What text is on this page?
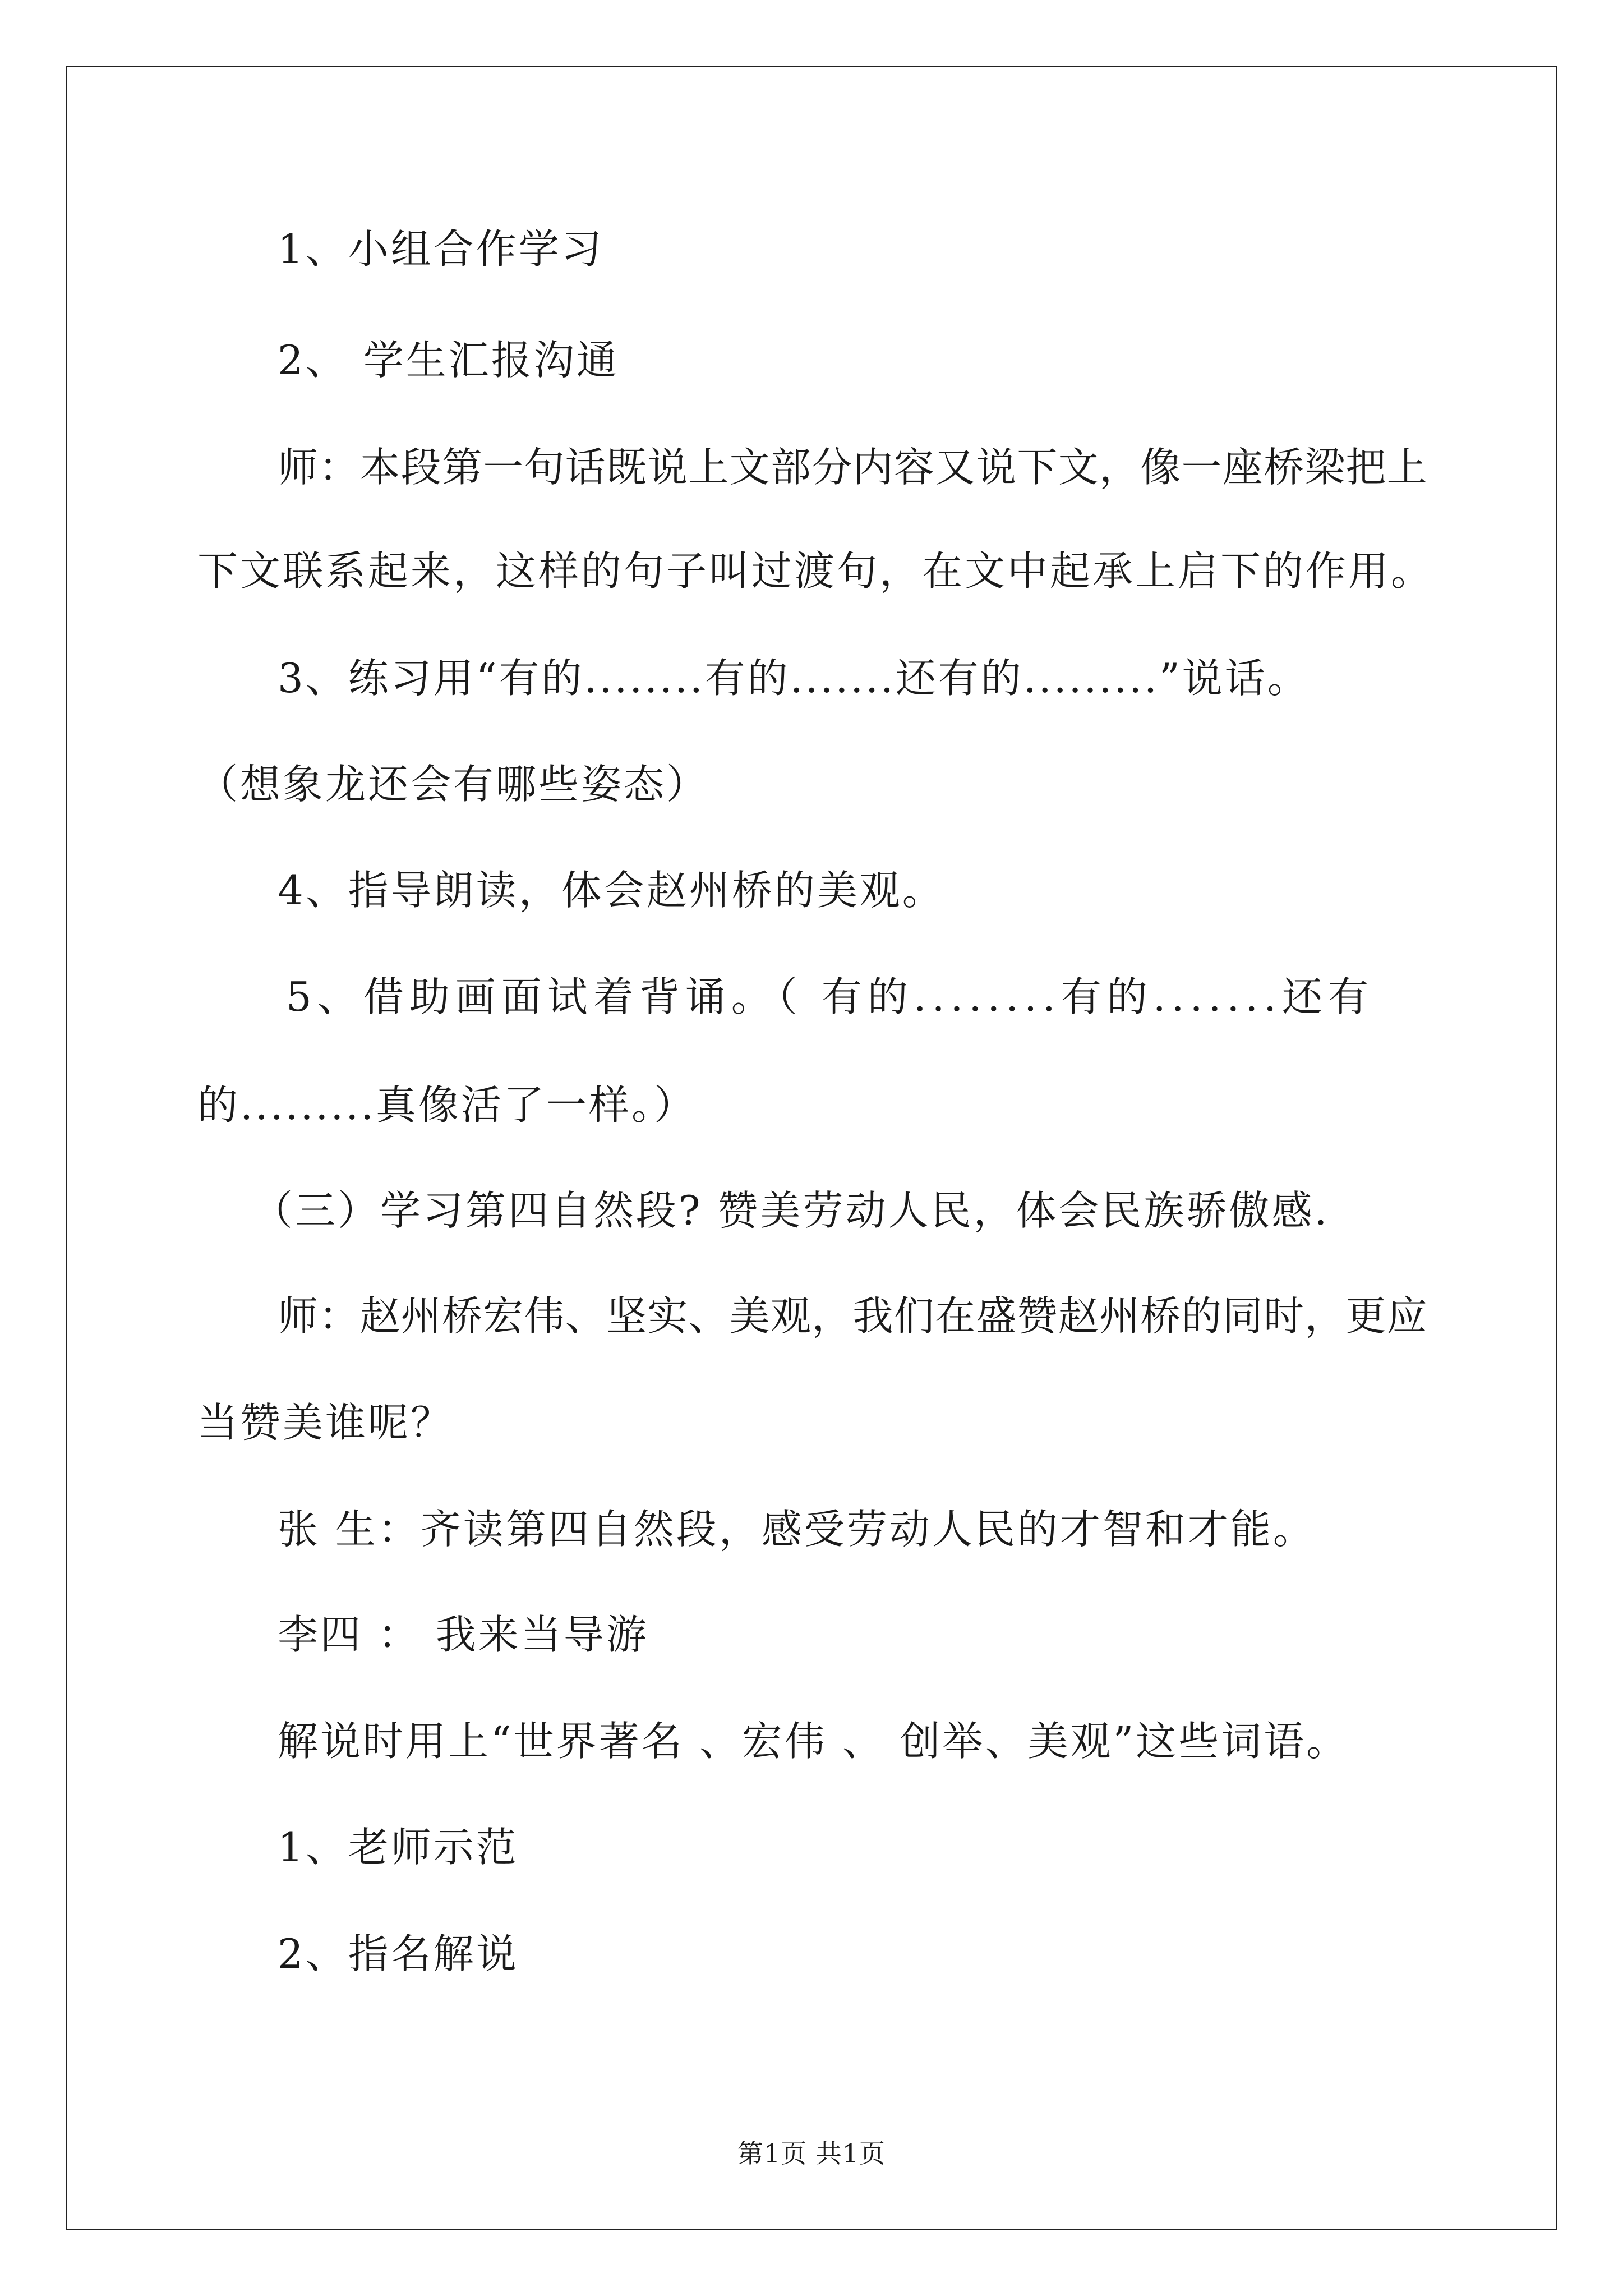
1、小组合作学习
2、 学生汇报沟通
师 ： 本 段 第 一 句 话 既 说 上 文 部 分 内 容 又 说 下 文 ， 像 一 座 桥 梁 把 上
下文联系起来，这样的句子叫过渡句，在文中起承上启下的作用。
3、练习用“有的........有的.......还有的.........”说话。
（想象龙还会有哪些姿态）
4、指导朗读，体会赵州桥的美观。
5、借助画面试着背诵。（ 有的........有的.......还有
的.........真像活了一样。）
（三）学习第四自然段? 赞美劳动人民，体会民族骄傲感.
师 ： 赵 州 桥 宏 伟 、 坚 实 、 美 观 ， 我 们 在 盛 赞 赵 州 桥 的 同 时 ， 更 应
当赞美谁呢？
张 生：齐读第四自然段，感受劳动人民的才智和才能。
李四 ： 我来当导游
解说时用上“世界著名 、宏伟 、 创举、美观”这些词语。
1、老师示范
2、指名解说
第1页 共1页
